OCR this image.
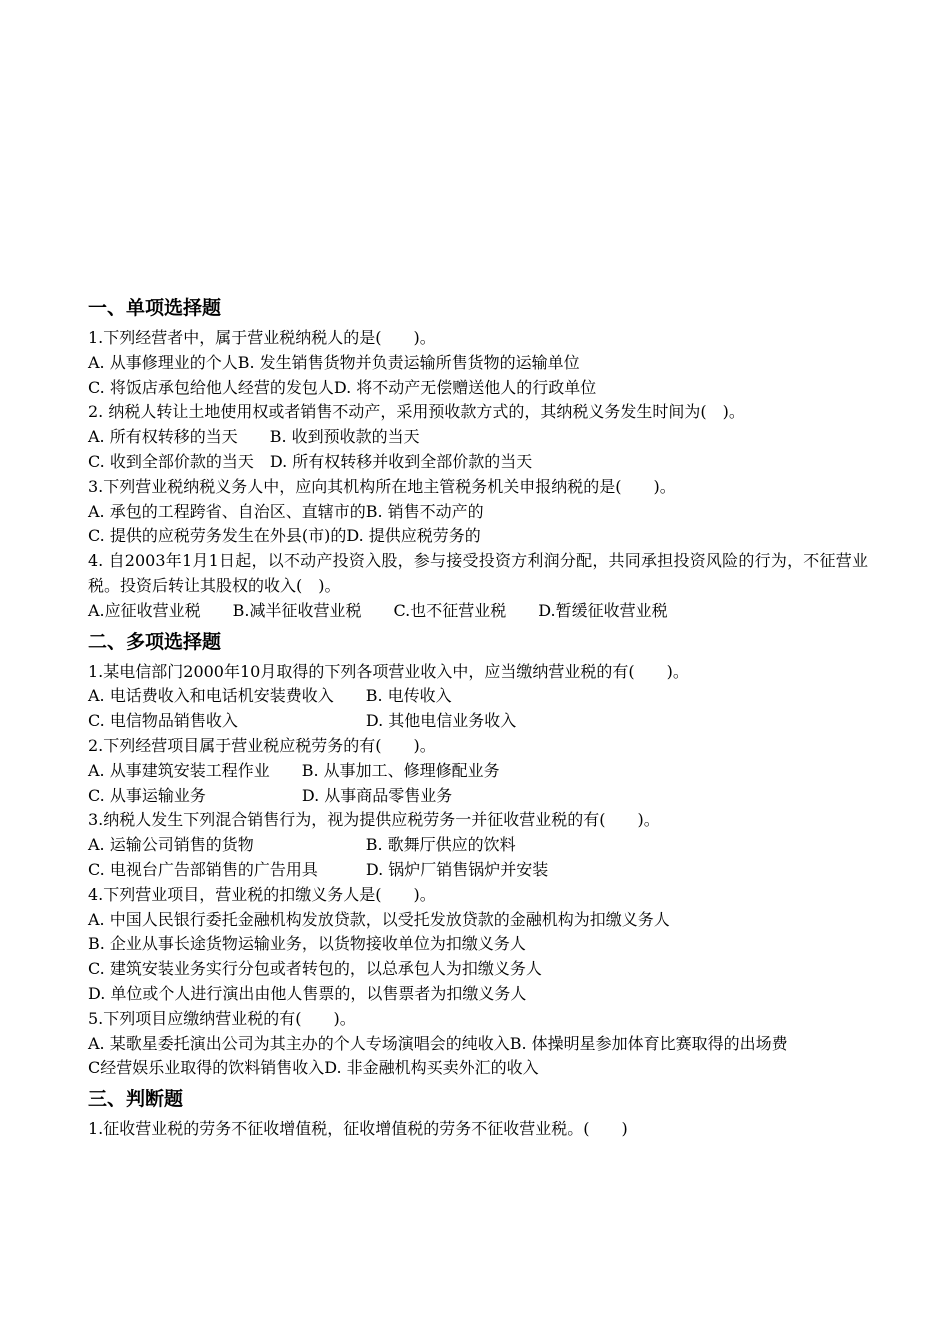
一、单项选择题
1.下列经营者中，属于营业税纳税人的是(　　)。
A. 从事修理业的个人B. 发生销售货物并负责运输所售货物的运输单位
C. 将饭店承包给他人经营的发包人D. 将不动产无偿赠送他人的行政单位
2. 纳税人转让土地使用权或者销售不动产，采用预收款方式的，其纳税义务发生时间为(　)。
A. 所有权转移的当天　　B. 收到预收款的当天
C. 收到全部价款的当天　D. 所有权转移并收到全部价款的当天
3.下列营业税纳税义务人中，应向其机构所在地主管税务机关申报纳税的是(　　)。
A. 承包的工程跨省、自治区、直辖市的B. 销售不动产的
C. 提供的应税劳务发生在外县(市)的D. 提供应税劳务的
4. 自2003年1月1日起，以不动产投资入股，参与接受投资方利润分配，共同承担投资风险的行为，不征营业税。投资后转让其股权的收入(　)。
A.应征收营业税　　B.减半征收营业税　　C.也不征营业税　　D.暂缓征收营业税
二、多项选择题
1.某电信部门2000年10月取得的下列各项营业收入中，应当缴纳营业税的有(　　)。
A. 电话费收入和电话机安装费收入　　B. 电传收入
C. 电信物品销售收入　　　　　　　　D. 其他电信业务收入
2.下列经营项目属于营业税应税劳务的有(　　)。
A. 从事建筑安装工程作业　　B. 从事加工、修理修配业务
C. 从事运输业务　　　　　　D. 从事商品零售业务
3.纳税人发生下列混合销售行为，视为提供应税劳务一并征收营业税的有(　　)。
A. 运输公司销售的货物　　　　　　　B. 歌舞厅供应的饮料
C. 电视台广告部销售的广告用具　　　D. 锅炉厂销售锅炉并安装
4.下列营业项目，营业税的扣缴义务人是(　　)。
A. 中国人民银行委托金融机构发放贷款，以受托发放贷款的金融机构为扣缴义务人
B. 企业从事长途货物运输业务，以货物接收单位为扣缴义务人
C. 建筑安装业务实行分包或者转包的，以总承包人为扣缴义务人
D. 单位或个人进行演出由他人售票的，以售票者为扣缴义务人
5.下列项目应缴纳营业税的有(　　)。
A. 某歌星委托演出公司为其主办的个人专场演唱会的纯收入B. 体操明星参加体育比赛取得的出场费
C经营娱乐业取得的饮料销售收入D. 非金融机构买卖外汇的收入
三、判断题
1.征收营业税的劳务不征收增值税，征收增值税的劳务不征收营业税。(　　)
